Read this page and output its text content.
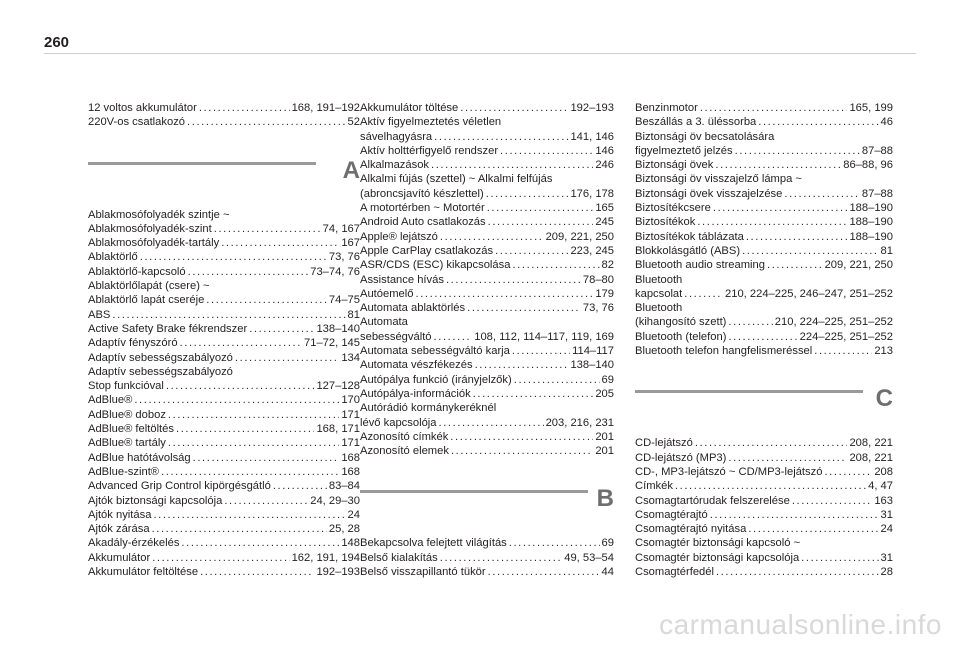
260
12 voltos akkumulátor .....	168, 191–192
220V-os csatlakozó .....	52
A
Ablakmosófolyadék szintje ~
Ablakmosófolyadék-szint .....	74, 167
Ablakmosófolyadék-tartály .....	167
Ablaktörlő .....	73, 76
Ablaktörlő-kapcsoló .....	73–74, 76
Ablaktörlőlapát (csere) ~
Ablaktörlő lapát cseréje .....	74–75
ABS .....	81
Active Safety Brake fékrendszer .....	138–140
Adaptív fényszóró .....	71–72, 145
Adaptív sebességszabályozó .....	134
Adaptív sebességszabályozó
Stop funkcióval .....	127–128
AdBlue® .....	170
AdBlue® doboz .....	171
AdBlue® feltöltés .....	168, 171
AdBlue® tartály .....	171
AdBlue hatótávolság .....	168
AdBlue-szint® .....	168
Advanced Grip Control kipörgésgátló .....	83–84
Ajtók biztonsági kapcsolója .....	24, 29–30
Ajtók nyitása .....	24
Ajtók zárása .....	25, 28
Akadály-érzékelés .....	148
Akkumulátor .....	162, 191, 194
Akkumulátor feltöltése .....	192–193
Akkumulátor töltése .....	192–193
Aktív figyelmeztetés véletlen
sávelhagyásra .....	141, 146
Aktív holttérfigyelő rendszer .....	146
Alkalmazások .....	246
Alkalmi fújás (szettel) ~ Alkalmi felfújás
(abroncsjavító készlettel) .....	176, 178
A motortérben ~ Motortér .....	165
Android Auto csatlakozás .....	245
Apple® lejátszó .....	209, 221, 250
Apple CarPlay csatlakozás .....	223, 245
ASR/CDS (ESC) kikapcsolása .....	82
Assistance hívás .....	78–80
Autóemelő .....	179
Automata ablaktörlés .....	73, 76
Automata
sebességváltó .....	108, 112, 114–117, 119, 169
Automata sebességváltó karja .....	114–117
Automata vészfékezés .....	138–140
Autópálya funkció (irányjelzők) .....	69
Autópálya-információk .....	205
Autórádió kormánykeréknél
lévő kapcsolója .....	203, 216, 231
Azonosító címkék .....	201
Azonosító elemek .....	201
B
Bekapcsolva felejtett világítás .....	69
Belső kialakítás .....	49, 53–54
Belső visszapillantó tükör .....	44
Benzinmotor .....	165, 199
Beszállás a 3. üléssorba .....	46
Biztonsági öv becsatolására
figyelmeztető jelzés .....	87–88
Biztonsági övek .....	86–88, 96
Biztonsági öv visszajelző lámpa ~
Biztonsági övek visszajelzése .....	87–88
Biztosítékcsere .....	188–190
Biztosítékok .....	188–190
Biztosítékok táblázata .....	188–190
Blokkolásgátló (ABS) .....	81
Bluetooth audio streaming .....	209, 221, 250
Bluetooth
kapcsolat .....	210, 224–225, 246–247, 251–252
Bluetooth
(kihangosító szett) .....	210, 224–225, 251–252
Bluetooth (telefon) .....	224–225, 251–252
Bluetooth telefon hangfelismeréssel .....	213
C
CD-lejátszó .....	208, 221
CD-lejátszó (MP3) .....	208, 221
CD-, MP3-lejátszó ~ CD/MP3-lejátszó .....	208
Címkék .....	4, 47
Csomagtartórudak felszerelése .....	163
Csomagtérajtó .....	31
Csomagtérajtó nyitása .....	24
Csomagtér biztonsági kapcsoló ~
Csomagtér biztonsági kapcsolója .....	31
Csomagtérfedél .....	28
carmanualsonline.info
